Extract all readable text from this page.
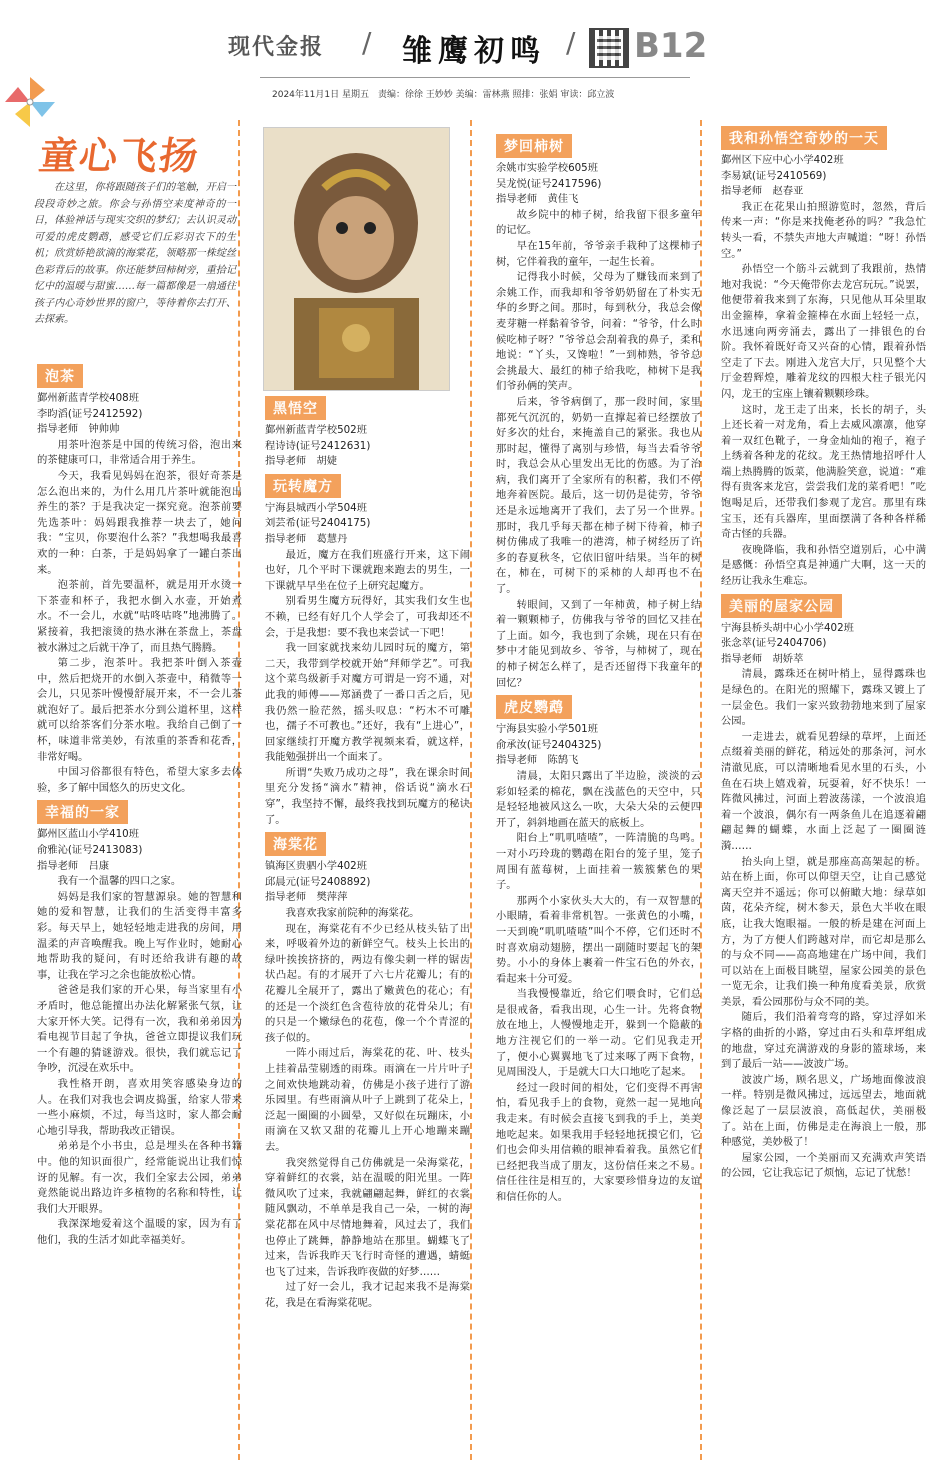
现代金报 / 雏鹰初鸣 / B12
2024年11月1日 星期五　责编：徐徐 王妙妙 美编：雷林燕 照排：张娟 审读：邱立波
童心飞扬
在这里，你将跟随孩子们的笔触，开启一段段奇妙之旅。你会与孙悟空来度神奇的一日，体验神话与现实交织的梦幻；去认识灵动可爱的虎皮鹦鹉，感受它们丘彩羽衣下的生机；欣赏娇艳欲滴的海棠花，领略那一株绽丝色彩背后的故事。你还能梦回柿树旁，重拾记忆中的温暖与甜蜜……每一篇都像是一扇通往孩子内心奇妙世界的窗户，等待着你去打开、去探索。
泡茶
鄞州新蓝青学校408班
李昀滔(证号2412592)
指导老师　钟帅帅

用茶叶泡茶是中国的传统习俗，泡出来的茶健康可口，非常适合用于养生。

今天，我看见妈妈在泡茶，很好奇茶是怎么泡出来的，为什么用几片茶叶就能泡出养生的茶？于是我决定一探究竟。泡茶前要先选茶叶：妈妈跟我推荐一块去了，她问我：“宝贝，你要泡什么茶？”我想喝我最喜欢的一种：白茶，于是妈妈拿了一罐白茶出来。

泡茶前，首先要温杯，就是用开水烫一下茶壶和杯子，我把水倒入水壶，开始煮水。不一会儿，水就“咕咚咕咚”地沸腾了。紧接着，我把滚烫的热水淋在茶盘上，茶盘被水淋过之后就干净了，而且热气腾腾。

第二步，泡茶叶。我把茶叶倒入茶壶中，然后把烧开的水倒入茶壶中，稍微等一会儿，只见茶叶慢慢舒展开来，不一会儿茶就泡好了。最后把茶水分到公道杯里，这样就可以给茶客们分茶水啦。我给自己倒了一杯，味道非常美妙，有浓重的茶香和花香，非常好喝。

中国习俗都很有特色，希望大家多去体验，多了解中国悠久的历史文化。

幸福的一家
鄞州区蓝山小学410班
俞雅沁(证号2413083)
指导老师　吕康

我有一个温馨的四口之家。

妈妈是我们家的智慧源泉。她的智慧和她的爱和智慧，让我们的生活变得丰富多彩。每天早上，她轻轻地走进我的房间，用温柔的声音唤醒我。晚上写作业时，她耐心地帮助我的疑问，有时还给我讲有趣的故事，让我在学习之余也能放松心情。

爸爸是我们家的开心果，每当家里有小矛盾时，他总能擅出办法化解紧张气氛，让大家开怀大笑。记得有一次，我和弟弟因为看电视节目起了争执，爸爸立即提议我们玩一个有趣的猜谜游戏。很快，我们就忘记了争吵，沉浸在欢乐中。

我性格开朗，喜欢用笑容感染身边的人。在我们对我也会调皮捣蛋，给家人带来一些小麻烦，不过，每当这时，家人都会耐心地引导我，帮助我改正错误。

弟弟是个小书虫，总是埋头在各种书籍中。他的知识面很广，经常能说出让我们惊讶的见解。有一次，我们全家去公园，弟弟竟然能说出路边许多植物的名称和特性，让我们大开眼界。

我深深地爱着这个温暖的家，因为有了他们，我的生活才如此幸福美好。

黑悟空
鄞州新蓝青学校502班
程诗诗(证号2412631)
指导老师　胡婕
玩转魔方
宁海县城西小学504班
刘芸希(证号2404175)
指导老师　葛慧丹

最近，魔方在我们班盛行开来，这下闹也好，几个平时下课就跑来跑去的男生，一下课就早早坐在位子上研究起魔方。

别看男生魔方玩得好，其实我们女生也不赖，已经有好几个人学会了，可我却还不会，于是我想：要不我也来尝试一下吧！

我一回家就找来幼儿园时玩的魔方，第二天，我带到学校就开始“拜师学艺”。可我这个菜鸟级新手对魔方可谓是一窍不通，对此我的师傅——郑涵费了一番口舌之后，见我仍然一脸茫然，摇头叹息：“朽木不可雕也，孺子不可教也。”还好，我有“上进心”，回家继续打开魔方教学视频来看，就这样，我能勉强拼出一个面来了。

所谓“失败乃成功之母”，我在课余时间里充分发扬“滴水”精神，俗话说“滴水石穿”，我坚持不懈，最终我找到玩魔方的秘诀了。

海棠花
镇海区贵驷小学402班
邱晨元(证号2408892)
指导老师　樊萍萍

我喜欢我家前院种的海棠花。

现在，海棠花有不少已经从枝头钻了出来，呼吸着外边的新鲜空气。枝头上长出的绿叶挨挨挤挤的，两边有像尖刺一样的锯齿状凸起。有的才展开了六七片花瓣儿；有的花瓣儿全展开了，露出了嫩黄色的花心；有的还是一个淡红色含苞待放的花骨朵儿；有的只是一个嫩绿色的花苞，像一个个青涩的孩子似的。

一阵小雨过后，海棠花的花、叶、枝头上挂着晶莹剔透的雨珠。雨滴在一片片叶子之间欢快地跳动着，仿佛是小孩子进行了游乐园里。有些雨滴从叶子上跳到了花朵上，泛起一圈圈的小圆晕，又好似在玩蹦床，小雨滴在又软又甜的花瓣儿上开心地蹦来蹦去。

我突然觉得自己仿佛就是一朵海棠花，穿着鲜红的衣裳，站在温暖的阳光里。一阵微风吹了过来，我就翩翩起舞，鲜红的衣裳随风飘动，不单单是我自己一朵，一树的海棠花都在风中尽情地舞着，风过去了，我们也停止了跳舞，静静地站在那里。蝴蝶飞了过来，告诉我昨天飞行时奇怪的遭遇，蜻蜓也飞了过来，告诉我昨夜做的好梦……

过了好一会儿，我才记起来我不是海棠花，我是在看海棠花呢。

梦回柿树
余姚市实验学校605班
吴龙悦(证号2417596)
指导老师　黄佳飞

故乡院中的柿子树，给我留下很多童年的记忆。

早在15年前，爷爷亲手栽种了这棵柿子树，它伴着我的童年，一起生长着。

记得我小时候，父母为了赚钱而来到了余姚工作，而我却和爷爷奶奶留在了朴实无华的乡野之间。那时，每到秋分，我总会像麦芽糖一样黏着爷爷，问着：“爷爷，什么时候吃柿子呀？”爷爷总会刮着我的鼻子，柔和地说：“丫头，又馋啦！”一到柿熟，爷爷总会挑最大、最红的柿子给我吃，柿树下是我们爷孙俩的笑声。

后来，爷爷病倒了，那一段时间，家里都死气沉沉的，奶奶一直撑起着已经摆放了好多次的灶台，来掩盖自己的紧张。我也从那时起，懂得了离别与珍惜，每当去看爷爷时，我总会从心里发出无比的伤感。为了治病，我们离开了全家所有的积蓄，我们不停地奔着医院。最后，这一切仍是徒劳，爷爷还是永远地离开了我们，去了另一个世界。那时，我几乎每天都在柿子树下待着，柿子树仿佛成了我唯一的港湾，柿子树经历了许多的春夏秋冬，它依旧留叶结果。当年的树在，柿在，可树下的采柿的人却再也不在了。

转眼间，又到了一年柿黄，柿子树上结着一颗颗柿子，仿佛我与爷爷的回忆又挂在了上面。如今，我也到了余姚，现在只有在梦中才能见到故乡、爷爷，与柿树了，现在的柿子树怎么样了，是否还留得下我童年的回忆？

虎皮鹦鹉
宁海县实验小学501班
俞承汝(证号2404325)
指导老师　陈鹄飞

清晨，太阳只露出了半边脸，淡淡的云彩如轻柔的棉花，飘在浅蓝色的天空中，只是轻轻地被风这么一吹，大朵大朵的云便四开了，斜斜地画在蓝天的底板上。

阳台上“叽叽喳喳”，一阵清脆的鸟鸣。一对小巧玲珑的鹦鹉在阳台的笼子里，笼子周围有蓝莓树，上面挂着一簇簇紫色的果子。

那两个小家伙头大大的，有一双智慧的小眼睛，看着非常机智。一张黄色的小嘴，一天到晚“叽叽喳喳”叫个不停，它们还时不时喜欢扇动翅膀，摆出一副随时要起飞的架势。小小的身体上裹着一件宝石色的外衣，看起来十分可爱。

当我慢慢靠近，给它们喂食时，它们总是很戒备，看我出现，心生一计。先将食物放在地上，人慢慢地走开，躲到一个隐蔽的地方注视它们的一举一动。它们见我走开了，便小心翼翼地飞了过来啄了两下食物，见周围没人，于是就大口大口地吃了起来。

经过一段时间的相处，它们变得不再害怕，看见我手上的食物，竟然一起一晃地向我走来。有时候会直接飞到我的手上，美美地吃起来。如果我用手轻轻地抚摸它们，它们也会仰头用信赖的眼神看着我。虽然它们已经把我当成了朋友，这份信任来之不易。信任往往是相互的，大家要珍惜身边的友谊和信任你的人。

我和孙悟空奇妙的一天
鄞州区下应中心小学402班
李易斌(证号2410569)
指导老师　赵春亚

我正在花果山拍照游览时，忽然，背后传来一声：“你是来找俺老孙的吗？”我急忙转头一看，不禁失声地大声喊道：“呀！孙悟空。”

孙悟空一个筋斗云就到了我跟前，热情地对我说：“今天俺带你去龙宫玩玩。”说罢，他便带着我来到了东海，只见他从耳朵里取出金箍棒，拿着金箍棒在水面上轻轻一点，水迅速向两旁涌去，露出了一排银色的台阶。我怀着既好奇又兴奋的心情，跟着孙悟空走了下去。刚进入龙宫大厅，只见整个大厅金碧辉煌，雕着龙纹的四根大柱子银光闪闪，龙王的宝座上镶着颗颗珍珠。

这时，龙王走了出来，长长的胡子，头上还长着一对龙角，看上去威风凛凛，他穿着一双红色靴子，一身金灿灿的袍子，袍子上绣着各种龙的花纹。龙王热情地招呼什人端上热腾腾的饭菜，他满脸笑意，说道：“难得有贵客来龙宫，尝尝我们龙的菜肴吧！”吃饱喝足后，还带我们参观了龙宫。那里有珠宝玉，还有兵器库，里面摆满了各种各样稀奇古怪的兵器。

夜晚降临，我和孙悟空道别后，心中满是感慨：孙悟空真是神通广大啊，这一天的经历让我永生难忘。

美丽的屋家公园
宁海县桥头胡中心小学402班
张念萃(证号2404706)
指导老师　胡娇萃

清晨，露珠还在树叶梢上，显得露珠也是绿色的。在阳光的照耀下，露珠又镀上了一层金色。我们一家兴致勃勃地来到了屋家公园。

一走进去，就看见碧绿的草坪，上面还点缀着美丽的鲜花，稍远处的那条河，河水清澈见底，可以清晰地看见水里的石头，小鱼在石块上嬉戏着，玩耍着，好不快乐！一阵微风拂过，河面上碧波荡漾，一个波浪追着一个波浪，偶尔有一两条鱼儿在追逐着翩翩起舞的蝴蝶，水面上泛起了一圈圈涟漪……

抬头向上望，就是那座高高架起的桥。站在桥上面，你可以仰望天空，让自己感觉离天空并不遥远；你可以俯瞰大地：绿草如茵，花朵齐绽，树木参天，景色大半收在眼底，让我大饱眼福。一般的桥是建在河面上方，为了方便人们跨越对岸，而它却是那么的与众不同——高高地建在广场中间，我们可以站在上面极目眺望，屋家公园美的景色一览无余，让我们换一种角度看美景，欣赏美景，看公园那份与众不同的美。

随后，我们沿着弯弯的路，穿过浮如米字格的曲折的小路，穿过由石头和草坪组成的地盘，穿过充满游戏的身影的篮球场，来到了最后一站——波波广场。

波波广场，顾名思义，广场地面像波浪一样。特别是微风拂过，远远望去，地面就像泛起了一层层波浪，高低起伏，美丽极了。站在上面，仿佛是走在海浪上一般，那种感觉，美妙极了！

屋家公园，一个美丽而又充满欢声笑语的公园，它让我忘记了烦恼，忘记了忧愁！
